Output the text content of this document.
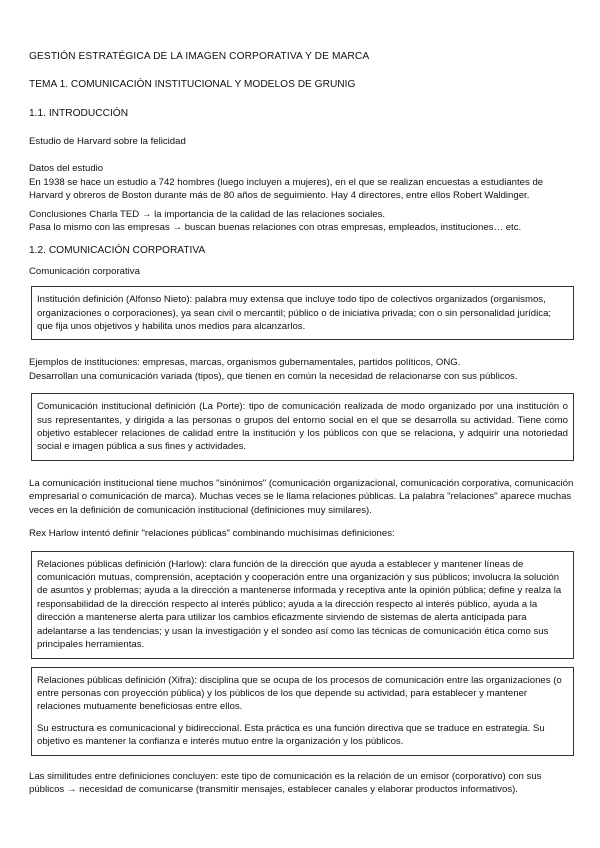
GESTIÓN ESTRATÉGICA DE LA IMAGEN CORPORATIVA Y DE MARCA

TEMA 1. COMUNICACIÓN INSTITUCIONAL Y MODELOS DE GRUNIG

1.1. INTRODUCCIÓN

Estudio de Harvard sobre la felicidad

Datos del estudio

En 1938 se hace un estudio a 742 hombres (luego incluyen a mujeres), en el que se realizan encuestas a estudiantes de Harvard y obreros de Boston durante más de 80 años de seguimiento. Hay 4 directores, entre ellos Robert Waldinger.

Conclusiones Charla TED → la importancia de la calidad de las relaciones sociales.

Pasa lo mismo con las empresas → buscan buenas relaciones con otras empresas, empleados, instituciones… etc.

1.2. COMUNICACIÓN CORPORATIVA

Comunicación corporativa

Institución definición (Alfonso Nieto): palabra muy extensa que incluye todo tipo de colectivos organizados (organismos, organizaciones o corporaciones), ya sean civil o mercantil; público o de iniciativa privada; con o sin personalidad jurídica; que fija unos objetivos y habilita unos medios para alcanzarlos.

Ejemplos de instituciones: empresas, marcas, organismos gubernamentales, partidos políticos, ONG.

Desarrollan una comunicación variada (tipos), que tienen en común la necesidad de relacionarse con sus públicos.

Comunicación institucional definición (La Porte): tipo de comunicación realizada de modo organizado por una institución o sus representantes, y dirigida a las personas o grupos del entorno social en el que se desarrolla su actividad. Tiene como objetivo establecer relaciones de calidad entre la institución y los públicos con que se relaciona, y adquirir una notoriedad social e imagen pública a sus fines y actividades.

La comunicación institucional tiene muchos "sinónimos" (comunicación organizacional, comunicación corporativa, comunicación empresarial o comunicación de marca). Muchas veces se le llama relaciones públicas. La palabra "relaciones" aparece muchas veces en la definición de comunicación institucional (definiciones muy similares).

Rex Harlow intentó definir "relaciones públicas" combinando muchísimas definiciones:

Relaciones públicas definición (Harlow): clara función de la dirección que ayuda a establecer y mantener líneas de comunicación mutuas, comprensión, aceptación y cooperación entre una organización y sus públicos; involucra la solución de asuntos y problemas; ayuda a la dirección a mantenerse informada y receptiva ante la opinión pública; define y realza la responsabilidad de la dirección respecto al interés público; ayuda a la dirección respecto al interés público, ayuda a la dirección a mantenerse alerta para utilizar los cambios eficazmente sirviendo de sistemas de alerta anticipada para adelantarse a las tendencias; y usan la investigación y el sondeo así como las técnicas de comunicación ética como sus principales herramientas.

Relaciones públicas definición (Xifra): disciplina que se ocupa de los procesos de comunicación entre las organizaciones (o entre personas con proyección pública) y los públicos de los que depende su actividad, para establecer y mantener relaciones mutuamente beneficiosas entre ellos.

Su estructura es comunicacional y bidireccional. Esta práctica es una función directiva que se traduce en estrategia. Su objetivo es mantener la confianza e interés mutuo entre la organización y los públicos.

Las similitudes entre definiciones concluyen: este tipo de comunicación es la relación de un emisor (corporativo) con sus públicos → necesidad de comunicarse (transmitir mensajes, establecer canales y elaborar productos informativos).
